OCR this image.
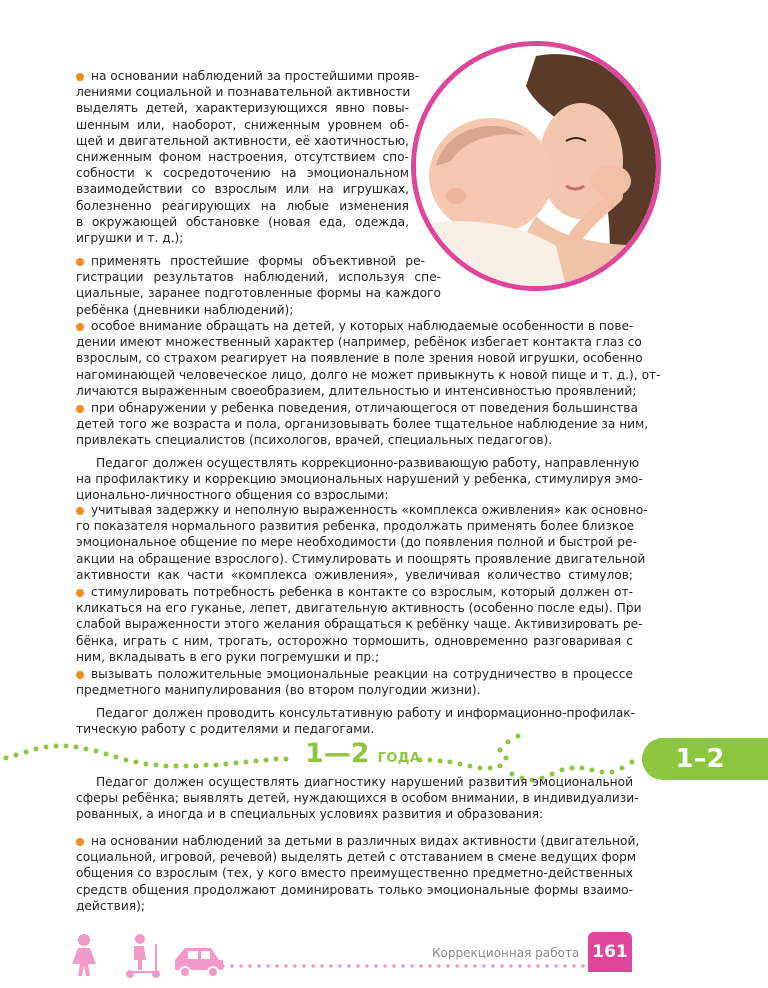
на основании наблюдений за простейшими прояв-
лениями социальной и познавательной активности
выделять детей, характеризующихся явно повы-
шенным или, наоборот, сниженным уровнем об-
щей и двигательной активности, её хаотичностью,
сниженным фоном настроения, отсутствием спо-
собности к сосредоточению на эмоциональном
взаимодействии со взрослым или на игрушках,
болезненно реагирующих на любые изменения
в окружающей обстановке (новая еда, одежда,
игрушки и т. д.);
применять простейшие формы объективной ре-
гистрации результатов наблюдений, используя спе-
циальные, заранее подготовленные формы на каждого
ребёнка (дневники наблюдений);
особое внимание обращать на детей, у которых наблюдаемые особенности в пове-
дении имеют множественный характер (например, ребёнок избегает контакта глаз со
взрослым, со страхом реагирует на появление в поле зрения новой игрушки, особенно
нагоминающей человеческое лицо, долго не может привыкнуть к новой пище и т. д.), от-
личаются выраженным своеобразием, длительностью и интенсивностью проявлений;
при обнаружении у ребенка поведения, отличающегося от поведения большинства
детей того же возраста и пола, организовывать более тщательное наблюдение за ним,
привлекать специалистов (психологов, врачей, специальных педагогов).
Педагог должен осуществлять коррекционно-развивающую работу, направленную
на профилактику и коррекцию эмоциональных нарушений у ребенка, стимулируя эмо-
ционально-личностного общения со взрослыми:
учитывая задержку и неполную выраженность «комплекса оживления» как основно-
го показателя нормального развития ребенка, продолжать применять более близкое
эмоциональное общение по мере необходимости (до появления полной и быстрой ре-
акции на обращение взрослого). Стимулировать и поощрять проявление двигательной
активности как части «комплекса оживления», увеличивая количество стимулов;
стимулировать потребность ребенка в контакте со взрослым, который должен от-
кликаться на его гуканье, лепет, двигательную активность (особенно после еды). При
слабой выраженности этого желания обращаться к ребёнку чаще. Активизировать ре-
бёнка, играть с ним, трогать, осторожно тормошить, одновременно разговаривая с
ним, вкладывать в его руки погремушки и пр.;
вызывать положительные эмоциональные реакции на сотрудничество в процессе
предметного манипулирования (во втором полугодии жизни).
Педагог должен проводить консультативную работу и информационно-профилак-
тическую работу с родителями и педагогами.
1—2 ГОДА	1–2
Педагог должен осуществлять диагностику нарушений развития эмоциональной
сферы ребёнка; выявлять детей, нуждающихся в особом внимании, в индивидуализи-
рованных, а иногда и в специальных условиях развития и образования:
на основании наблюдений за детьми в различных видах активности (двигательной,
социальной, игровой, речевой) выделять детей с отставанием в смене ведущих форм
общения со взрослым (тех, у кого вместо преимущественно предметно-действенных
средств общения продолжают доминировать только эмоциональные формы взаимо-
действия);
Коррекционная работа 161
